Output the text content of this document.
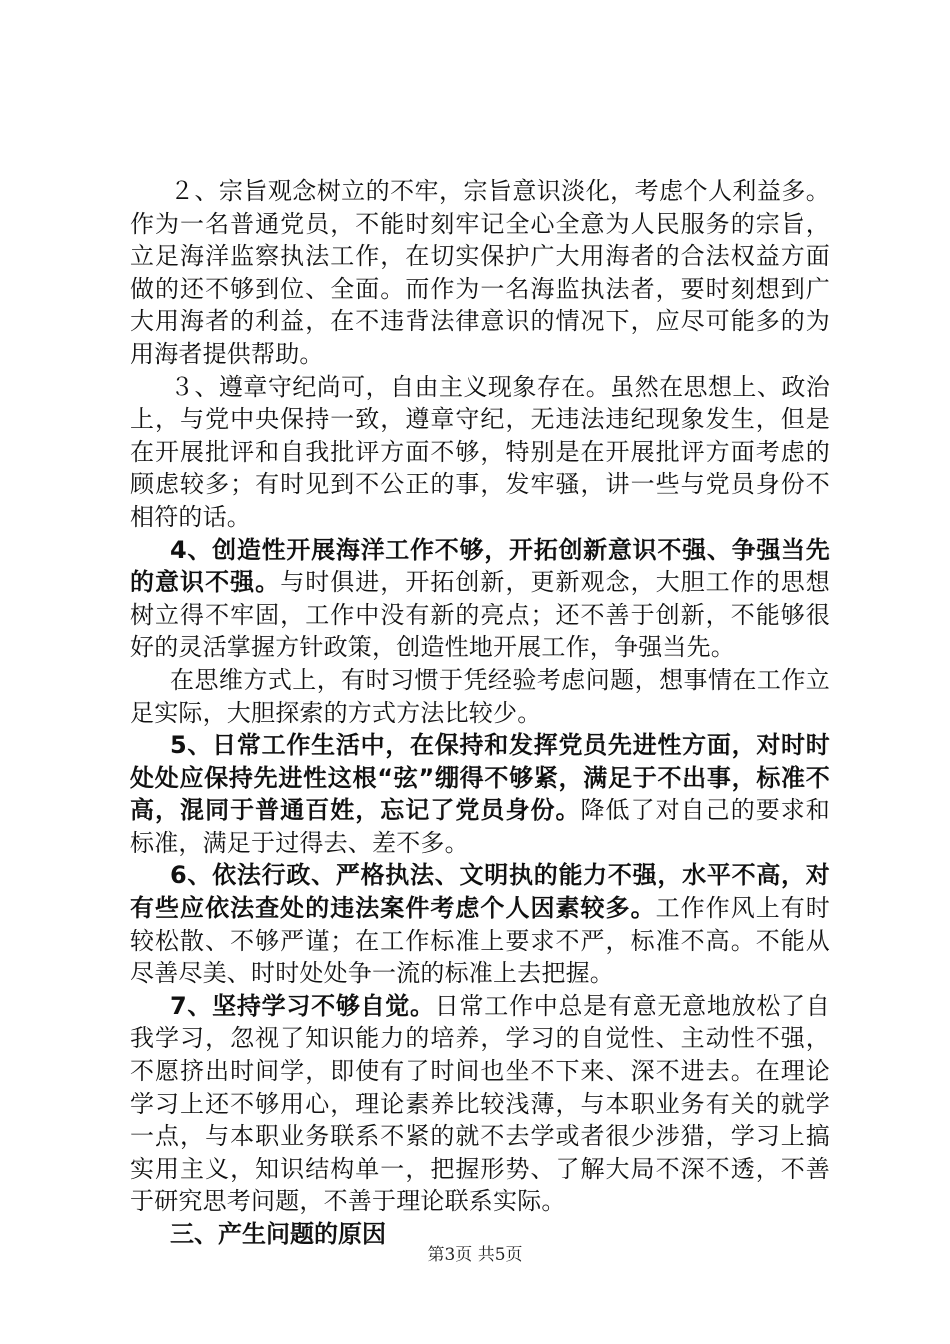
２、宗旨观念树立的不牢，宗旨意识淡化，考虑个人利益多。作为一名普通党员，不能时刻牢记全心全意为人民服务的宗旨，立足海洋监察执法工作，在切实保护广大用海者的合法权益方面做的还不够到位、全面。而作为一名海监执法者，要时刻想到广大用海者的利益，在不违背法律意识的情况下，应尽可能多的为用海者提供帮助。

３、遵章守纪尚可，自由主义现象存在。虽然在思想上、政治上，与党中央保持一致，遵章守纪，无违法违纪现象发生，但是在开展批评和自我批评方面不够，特别是在开展批评方面考虑的顾虑较多；有时见到不公正的事，发牢骚，讲一些与党员身份不相符的话。

4、创造性开展海洋工作不够，开拓创新意识不强、争强当先的意识不强。与时俱进，开拓创新，更新观念，大胆工作的思想树立得不牢固，工作中没有新的亮点；还不善于创新，不能够很好的灵活掌握方针政策，创造性地开展工作，争强当先。

在思维方式上，有时习惯于凭经验考虑问题，想事情在工作立足实际，大胆探索的方式方法比较少。

5、日常工作生活中，在保持和发挥党员先进性方面，对时时处处应保持先进性这根“弦”绷得不够紧，满足于不出事，标准不高，混同于普通百姓，忘记了党员身份。降低了对自己的要求和标准，满足于过得去、差不多。

6、依法行政、严格执法、文明执的能力不强，水平不高，对有些应依法查处的违法案件考虑个人因素较多。工作作风上有时较松散、不够严谨；在工作标准上要求不严，标准不高。不能从尽善尽美、时时处处争一流的标准上去把握。

7、坚持学习不够自觉。日常工作中总是有意无意地放松了自我学习，忽视了知识能力的培养，学习的自觉性、主动性不强，不愿挤出时间学，即使有了时间也坐不下来、深不进去。在理论学习上还不够用心，理论素养比较浅薄，与本职业务有关的就学一点，与本职业务联系不紧的就不去学或者很少涉猎，学习上搞实用主义，知识结构单一，把握形势、了解大局不深不透，不善于研究思考问题，不善于理论联系实际。

三、产生问题的原因

第3页 共5页
